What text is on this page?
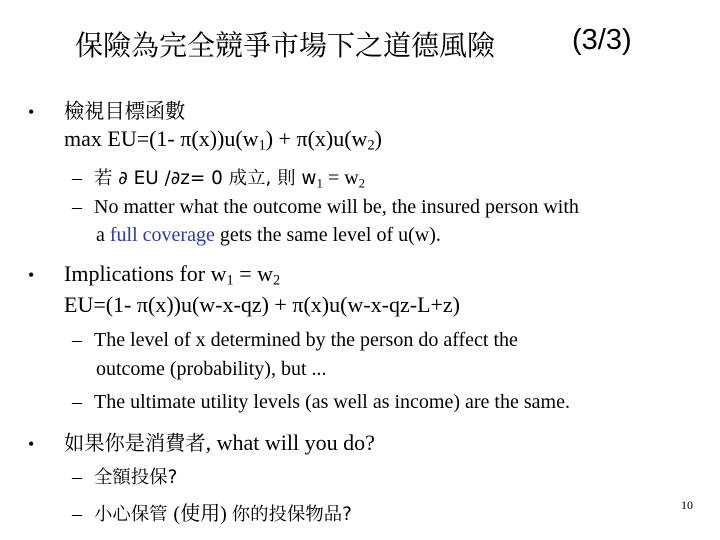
保險為完全競爭市場下之道德風險	(3/3)
• 檢視目標函數
max EU=(1- $\pi(x))u(w_1) + \pi(x)u(w_2)$
– 若 ∂ EU /∂z= 0 成立, 則 $w_1 = w_2$
– No matter what the outcome will be, the insured person with
a full coverage gets the same level of u(w).
• Implications for $w_1 = w_2$
EU=(1- π(x))u(w-x-qz) + π(x)u(w-x-qz-L+z)
– The level of x determined by the person do affect the
outcome (probability), but ...
– The ultimate utility levels (as well as income) are the same.
• 如果你是消費者, what will you do?
– 全額投保?
– 小心保管 (使用) 你的投保物品?	10
